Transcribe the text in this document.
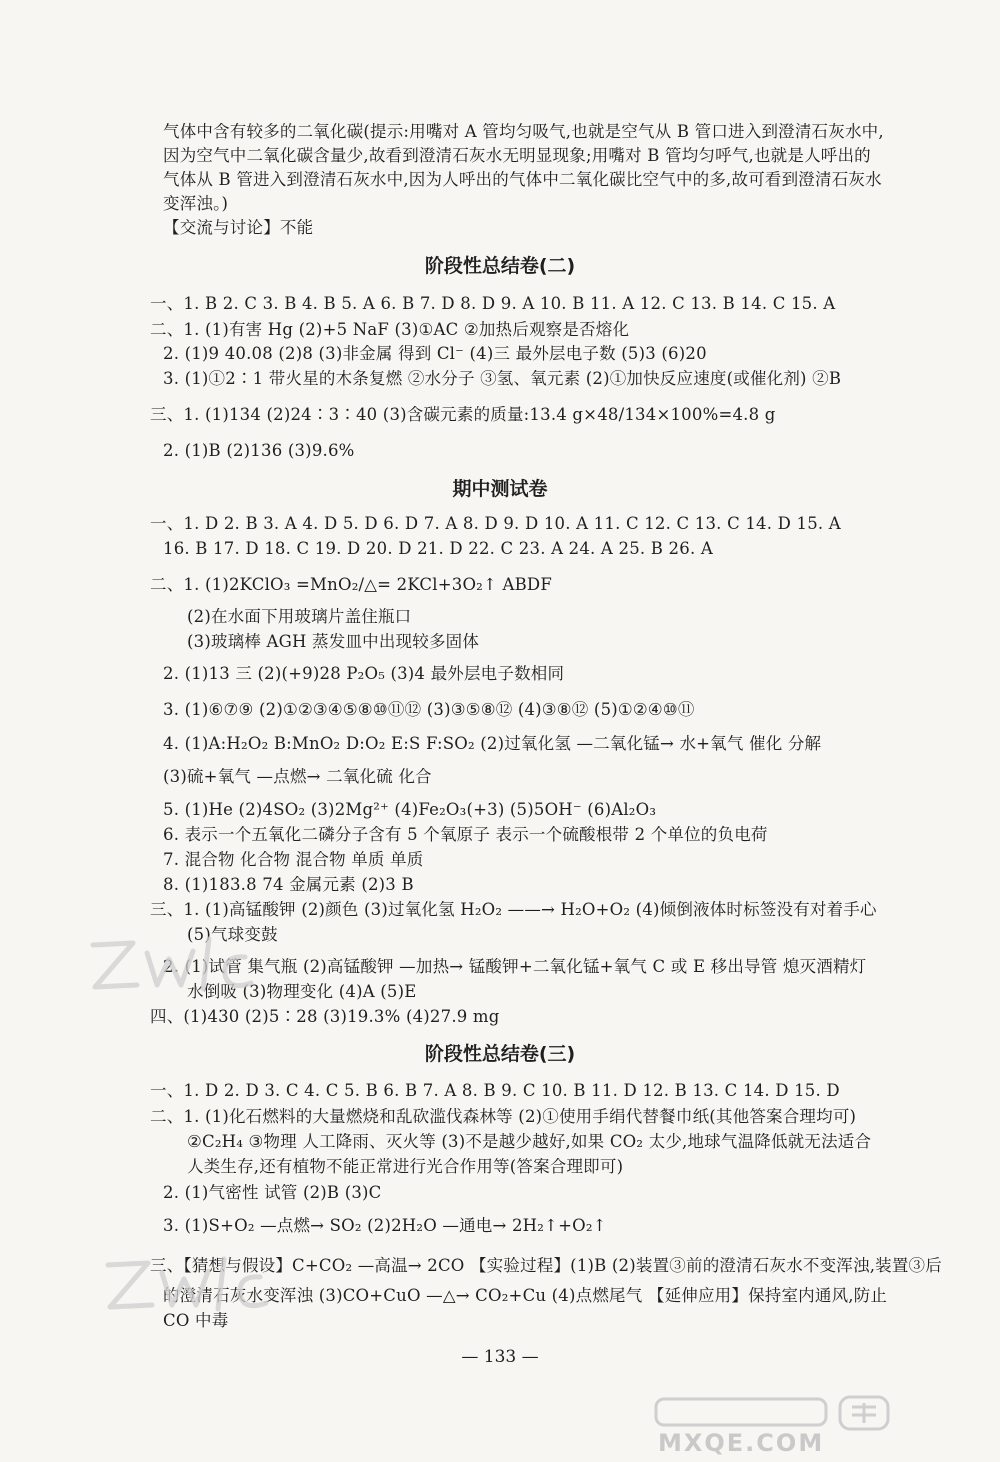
气体中含有较多的二氧化碳(提示:用嘴对 A 管均匀吸气,也就是空气从 B 管口进入到澄清石灰水中,
因为空气中二氧化碳含量少,故看到澄清石灰水无明显现象;用嘴对 B 管均匀呼气,也就是人呼出的
气体从 B 管进入到澄清石灰水中,因为人呼出的气体中二氧化碳比空气中的多,故可看到澄清石灰水
变浑浊。)
【交流与讨论】不能
阶段性总结卷(二)
一、1. B 2. C 3. B 4. B 5. A 6. B 7. D 8. D 9. A 10. B 11. A 12. C 13. B 14. C 15. A
二、1. (1)有害 Hg (2)+5 NaF (3)①AC ②加热后观察是否熔化
2. (1)9 40.08 (2)8 (3)非金属 得到 Cl⁻ (4)三 最外层电子数 (5)3 (6)20
3. (1)①2∶1 带火星的木条复燃 ②水分子 ③氢、氧元素 (2)①加快反应速度(或催化剂) ②B
三、1. (1)134 (2)24∶3∶40 (3)含碳元素的质量:13.4 g×48/134×100%=4.8 g
2. (1)B (2)136 (3)9.6%
期中测试卷
一、1. D 2. B 3. A 4. D 5. D 6. D 7. A 8. D 9. D 10. A 11. C 12. C 13. C 14. D 15. A
16. B 17. D 18. C 19. D 20. D 21. D 22. C 23. A 24. A 25. B 26. A
二、1. (1)2KClO₃ =MnO₂/△= 2KCl+3O₂↑ ABDF
(2)在水面下用玻璃片盖住瓶口
(3)玻璃棒 AGH 蒸发皿中出现较多固体
2. (1)13 三 (2)(+9)28 P₂O₅ (3)4 最外层电子数相同
3. (1)⑥⑦⑨ (2)①②③④⑤⑧⑩⑪⑫ (3)③⑤⑧⑫ (4)③⑧⑫ (5)①②④⑩⑪
4. (1)A:H₂O₂ B:MnO₂ D:O₂ E:S F:SO₂ (2)过氧化氢 —二氧化锰→ 水+氧气 催化 分解
(3)硫+氧气 —点燃→ 二氧化硫 化合
5. (1)He (2)4SO₂ (3)2Mg²⁺ (4)Fe₂O₃(+3) (5)5OH⁻ (6)Al₂O₃
6. 表示一个五氧化二磷分子含有 5 个氧原子 表示一个硫酸根带 2 个单位的负电荷
7. 混合物 化合物 混合物 单质 单质
8. (1)183.8 74 金属元素 (2)3 B
三、1. (1)高锰酸钾 (2)颜色 (3)过氧化氢 H₂O₂ ——→ H₂O+O₂ (4)倾倒液体时标签没有对着手心
(5)气球变鼓
2. (1)试管 集气瓶 (2)高锰酸钾 —加热→ 锰酸钾+二氧化锰+氧气 C 或 E 移出导管 熄灭酒精灯
水倒吸 (3)物理变化 (4)A (5)E
四、(1)430 (2)5∶28 (3)19.3% (4)27.9 mg
阶段性总结卷(三)
一、1. D 2. D 3. C 4. C 5. B 6. B 7. A 8. B 9. C 10. B 11. D 12. B 13. C 14. D 15. D
二、1. (1)化石燃料的大量燃烧和乱砍滥伐森林等 (2)①使用手绢代替餐巾纸(其他答案合理均可)
②C₂H₄ ③物理 人工降雨、灭火等 (3)不是越少越好,如果 CO₂ 太少,地球气温降低就无法适合
人类生存,还有植物不能正常进行光合作用等(答案合理即可)
2. (1)气密性 试管 (2)B (3)C
3. (1)S+O₂ —点燃→ SO₂ (2)2H₂O —通电→ 2H₂↑+O₂↑
三、【猜想与假设】C+CO₂ —高温→ 2CO 【实验过程】(1)B (2)装置③前的澄清石灰水不变浑浊,装置③后
的澄清石灰水变浑浊 (3)CO+CuO —△→ CO₂+Cu (4)点燃尾气 【延伸应用】保持室内通风,防止
CO 中毒
— 133 —
MXQE.COM
